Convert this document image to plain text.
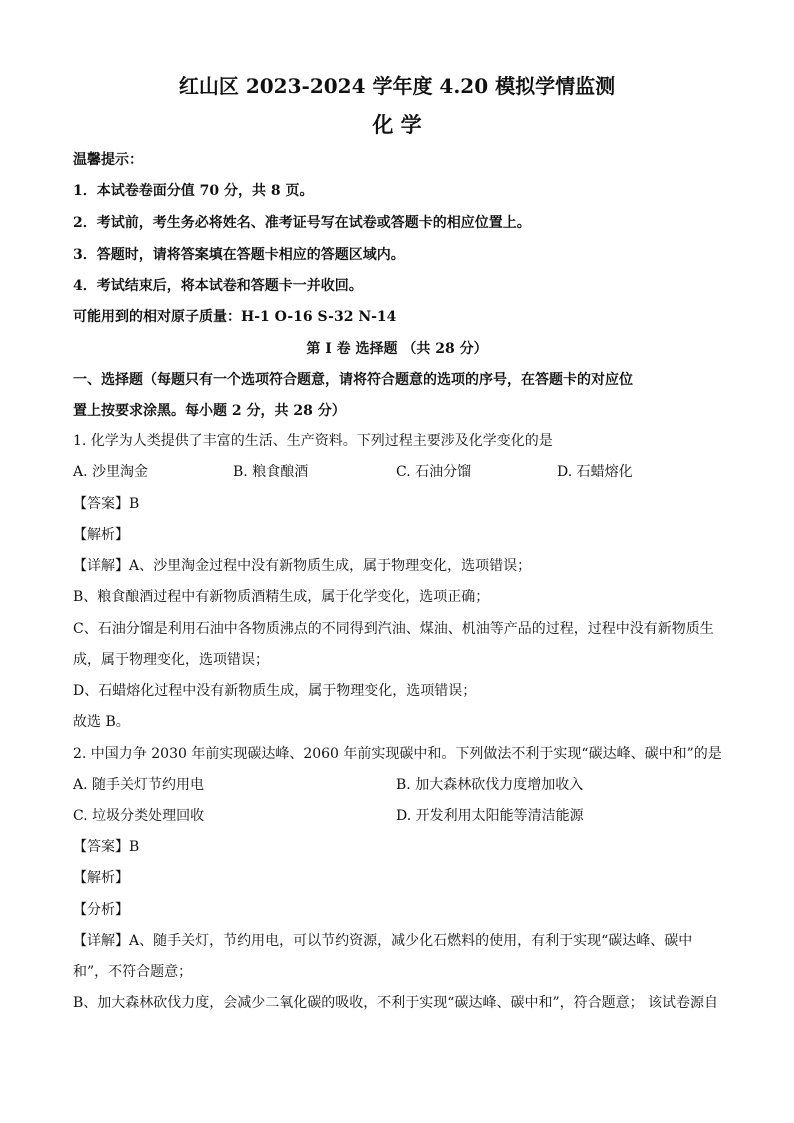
红山区 2023-2024 学年度 4.20 模拟学情监测
化 学
温馨提示：
1．本试卷卷面分值 70 分，共 8 页。
2．考试前，考生务必将姓名、准考证号写在试卷或答题卡的相应位置上。
3．答题时，请将答案填在答题卡相应的答题区域内。
4．考试结束后，将本试卷和答题卡一并收回。
可能用到的相对原子质量：H-1 O-16 S-32 N-14
第 I 卷 选择题 （共 28 分）
一、选择题（每题只有一个选项符合题意，请将符合题意的选项的序号，在答题卡的对应位
置上按要求涂黑。每小题 2 分，共 28 分）
1. 化学为人类提供了丰富的生活、生产资料。下列过程主要涉及化学变化的是
A. 沙里淘金	B. 粮食酿酒	C. 石油分馏	D. 石蜡熔化
【答案】B
【解析】
【详解】A、沙里淘金过程中没有新物质生成，属于物理变化，选项错误；
B、粮食酿酒过程中有新物质酒精生成，属于化学变化，选项正确；
C、石油分馏是利用石油中各物质沸点的不同得到汽油、煤油、机油等产品的过程，过程中没有新物质生
成，属于物理变化，选项错误；
D、石蜡熔化过程中没有新物质生成，属于物理变化，选项错误；
故选 B。
2. 中国力争 2030 年前实现碳达峰、2060 年前实现碳中和。下列做法不利于实现“碳达峰、碳中和”的是
A. 随手关灯节约用电	B. 加大森林砍伐力度增加收入
C. 垃圾分类处理回收	D. 开发利用太阳能等清洁能源
【答案】B
【解析】
【分析】
【详解】A、随手关灯，节约用电，可以节约资源，减少化石燃料的使用，有利于实现“碳达峰、碳中
和”，不符合题意；
B、加大森林砍伐力度，会减少二氧化碳的吸收，不利于实现“碳达峰、碳中和”，符合题意； 该试卷源自
